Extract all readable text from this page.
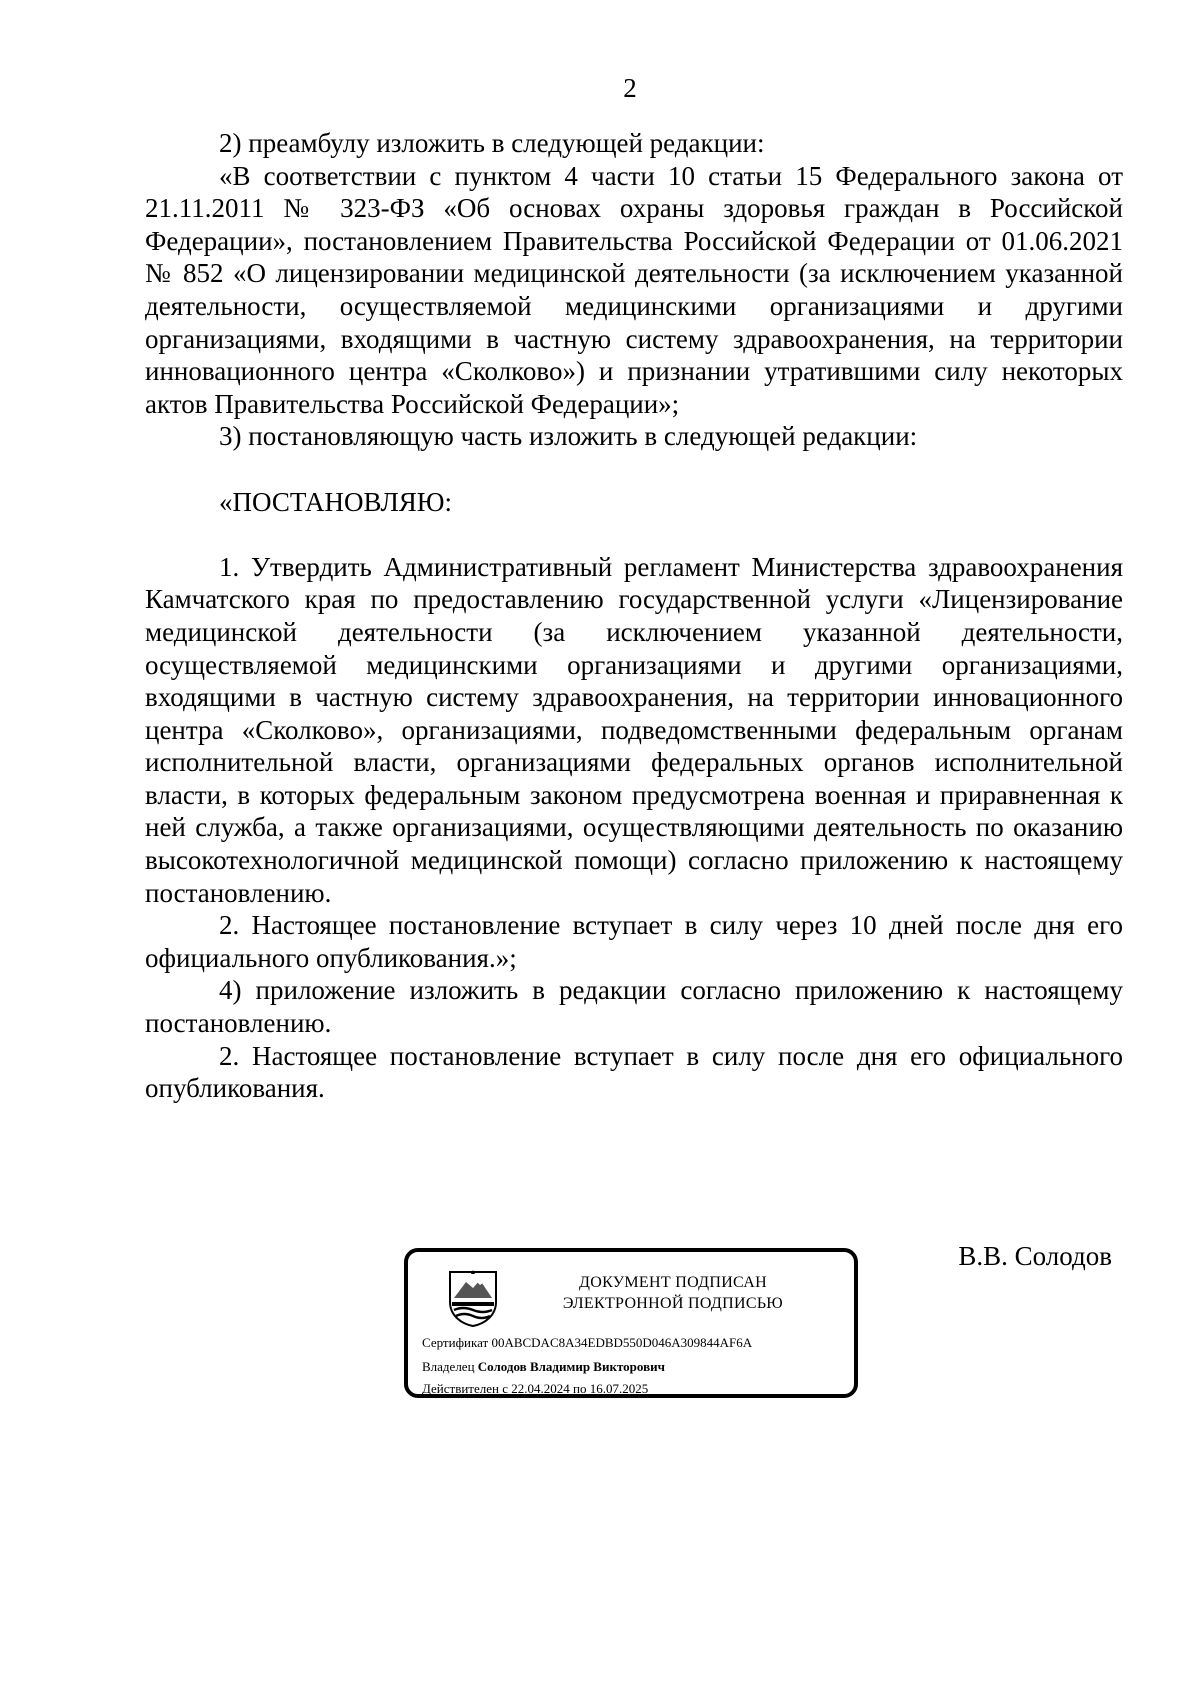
2

2) преамбулу изложить в следующей редакции:

«В соответствии с пунктом 4 части 10 статьи 15 Федерального закона от 21.11.2011 № 323-ФЗ «Об основах охраны здоровья граждан в Российской Федерации», постановлением Правительства Российской Федерации от 01.06.2021 № 852 «О лицензировании медицинской деятельности (за исключением указанной деятельности, осуществляемой медицинскими организациями и другими организациями, входящими в частную систему здравоохранения, на территории инновационного центра «Сколково») и признании утратившими силу некоторых актов Правительства Российской Федерации»;

3) постановляющую часть изложить в следующей редакции:

«ПОСТАНОВЛЯЮ:

1. Утвердить Административный регламент Министерства здравоохранения Камчатского края по предоставлению государственной услуги «Лицензирование медицинской деятельности (за исключением указанной деятельности, осуществляемой медицинскими организациями и другими организациями, входящими в частную систему здравоохранения, на территории инновационного центра «Сколково», организациями, подведомственными федеральным органам исполнительной власти, организациями федеральных органов исполнительной власти, в которых федеральным законом предусмотрена военная и приравненная к ней служба, а также организациями, осуществляющими деятельность по оказанию высокотехнологичной медицинской помощи) согласно приложению к настоящему постановлению.

2. Настоящее постановление вступает в силу через 10 дней после дня его официального опубликования.»;

4) приложение изложить в редакции согласно приложению к настоящему постановлению.

2. Настоящее постановление вступает в силу после дня его официального опубликования.

В.В. Солодов
ДОКУМЕНТ ПОДПИСАН
ЭЛЕКТРОННОЙ ПОДПИСЬЮ
Сертификат 00ABCDAC8A34EDBD550D046A309844AF6A
Владелец Солодов Владимир Викторович
Действителен с 22.04.2024 по 16.07.2025
